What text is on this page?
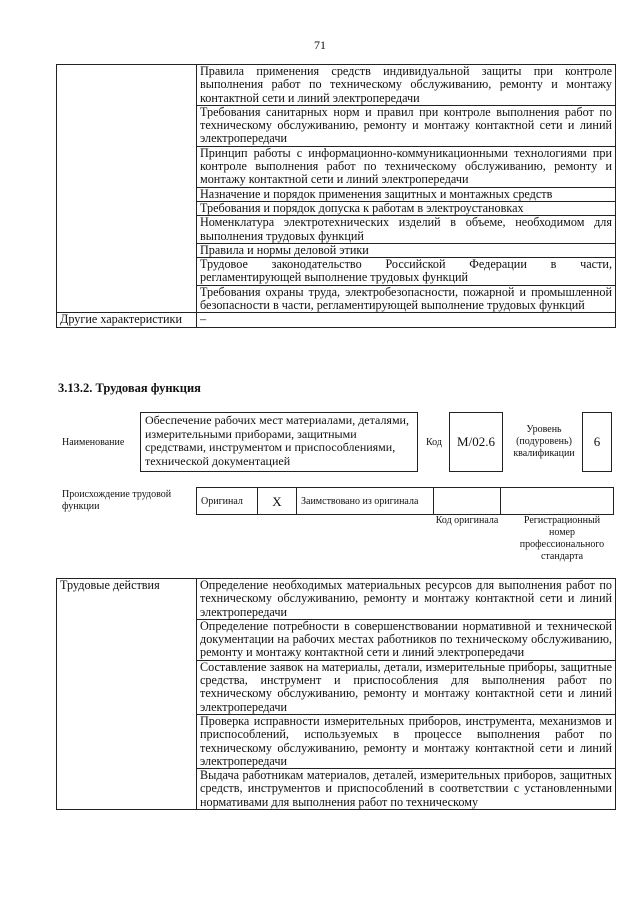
71
	Правила применения средств индивидуальной защиты при контроле выполнения работ по техническому обслуживанию, ремонту и монтажу контактной сети и линий электропередачи
	Требования санитарных норм и правил при контроле выполнения работ по техническому обслуживанию, ремонту и монтажу контактной сети и линий электропередачи
	Принцип работы с информационно-коммуникационными технологиями при контроле выполнения работ по техническому обслуживанию, ремонту и монтажу контактной сети и линий электропередачи
	Назначение и порядок применения защитных и монтажных средств
	Требования и порядок допуска к работам в электроустановках
	Номенклатура электротехнических изделий в объеме, необходимом для выполнения трудовых функций
	Правила и нормы деловой этики
	Трудовое законодательство Российской Федерации в части, регламентирующей выполнение трудовых функций
	Требования охраны труда, электробезопасности, пожарной и промышленной безопасности в части, регламентирующей выполнение трудовых функций
Другие характеристики	–
3.13.2. Трудовая функция
Наименование
Обеспечение рабочих мест материалами, деталями, измерительными приборами, защитными средствами, инструментом и приспособлениями, технической документацией
Код	M/02.6
Уровень (подуровень) квалификации
6
Происхождение трудовой функции	Оригинал	X	Заимствовано из оригинала		
Код оригинала	Регистрационный номер профессионального стандарта
Трудовые действия	Определение необходимых материальных ресурсов для выполнения работ по техническому обслуживанию, ремонту и монтажу контактной сети и линий электропередачи
Определение потребности в совершенствовании нормативной и технической документации на рабочих местах работников по техническому обслуживанию, ремонту и монтажу контактной сети и линий электропередачи
Составление заявок на материалы, детали, измерительные приборы, защитные средства, инструмент и приспособления для выполнения работ по техническому обслуживанию, ремонту и монтажу контактной сети и линий электропередачи
Проверка исправности измерительных приборов, инструмента, механизмов и приспособлений, используемых в процессе выполнения работ по техническому обслуживанию, ремонту и монтажу контактной сети и линий электропередачи
Выдача работникам материалов, деталей, измерительных приборов, защитных средств, инструментов и приспособлений в соответствии с установленными нормативами для выполнения работ по техническому
